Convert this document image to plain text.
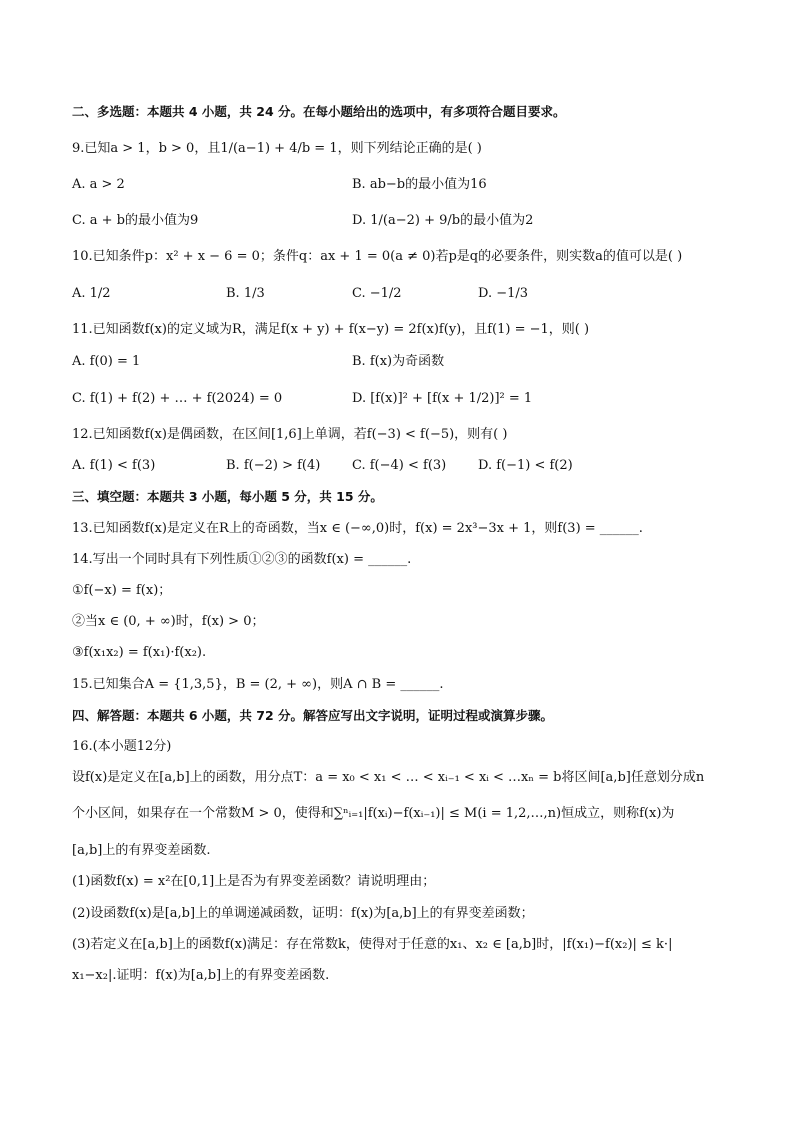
二、多选题：本题共 4 小题，共 24 分。在每小题给出的选项中，有多项符合题目要求。
9.已知a > 1，b > 0，且1/(a−1) + 4/b = 1，则下列结论正确的是( )
A. a > 2	B. ab−b的最小值为16
C. a + b的最小值为9	D. 1/(a−2) + 9/b的最小值为2
10.已知条件p：x² + x − 6 = 0；条件q：ax + 1 = 0(a ≠ 0)若p是q的必要条件，则实数a的值可以是( )
A. 1/2	B. 1/3	C. −1/2	D. −1/3
11.已知函数f(x)的定义域为R，满足f(x + y) + f(x−y) = 2f(x)f(y)，且f(1) = −1，则( )
A. f(0) = 1	B. f(x)为奇函数
C. f(1) + f(2) + … + f(2024) = 0	D. [f(x)]² + [f(x + 1/2)]² = 1
12.已知函数f(x)是偶函数，在区间[1,6]上单调，若f(−3) < f(−5)，则有( )
A. f(1) < f(3)	B. f(−2) > f(4) C. f(−4) < f(3) D. f(−1) < f(2)
三、填空题：本题共 3 小题，每小题 5 分，共 15 分。
13.已知函数f(x)是定义在R上的奇函数，当x ∈ (−∞,0)时，f(x) = 2x³−3x + 1，则f(3) = ______.
14.写出一个同时具有下列性质①②③的函数f(x) = ______.
①f(−x) = f(x)；
②当x ∈ (0, + ∞)时，f(x) > 0；
③f(x₁x₂) = f(x₁)·f(x₂).
15.已知集合A = {1,3,5}，B = (2, + ∞)，则A ∩ B = ______.
四、解答题：本题共 6 小题，共 72 分。解答应写出文字说明，证明过程或演算步骤。
16.(本小题12分)
设f(x)是定义在[a,b]上的函数，用分点T：a = x₀ < x₁ < … < xᵢ₋₁ < xᵢ < …xₙ = b将区间[a,b]任意划分成n
个小区间，如果存在一个常数M > 0，使得和∑ⁿᵢ₌₁|f(xᵢ)−f(xᵢ₋₁)| ≤ M(i = 1,2,…,n)恒成立，则称f(x)为
[a,b]上的有界变差函数.
(1)函数f(x) = x²在[0,1]上是否为有界变差函数？请说明理由；
(2)设函数f(x)是[a,b]上的单调递减函数，证明：f(x)为[a,b]上的有界变差函数；
(3)若定义在[a,b]上的函数f(x)满足：存在常数k，使得对于任意的x₁、x₂ ∈ [a,b]时，|f(x₁)−f(x₂)| ≤ k·|
x₁−x₂|.证明：f(x)为[a,b]上的有界变差函数.
